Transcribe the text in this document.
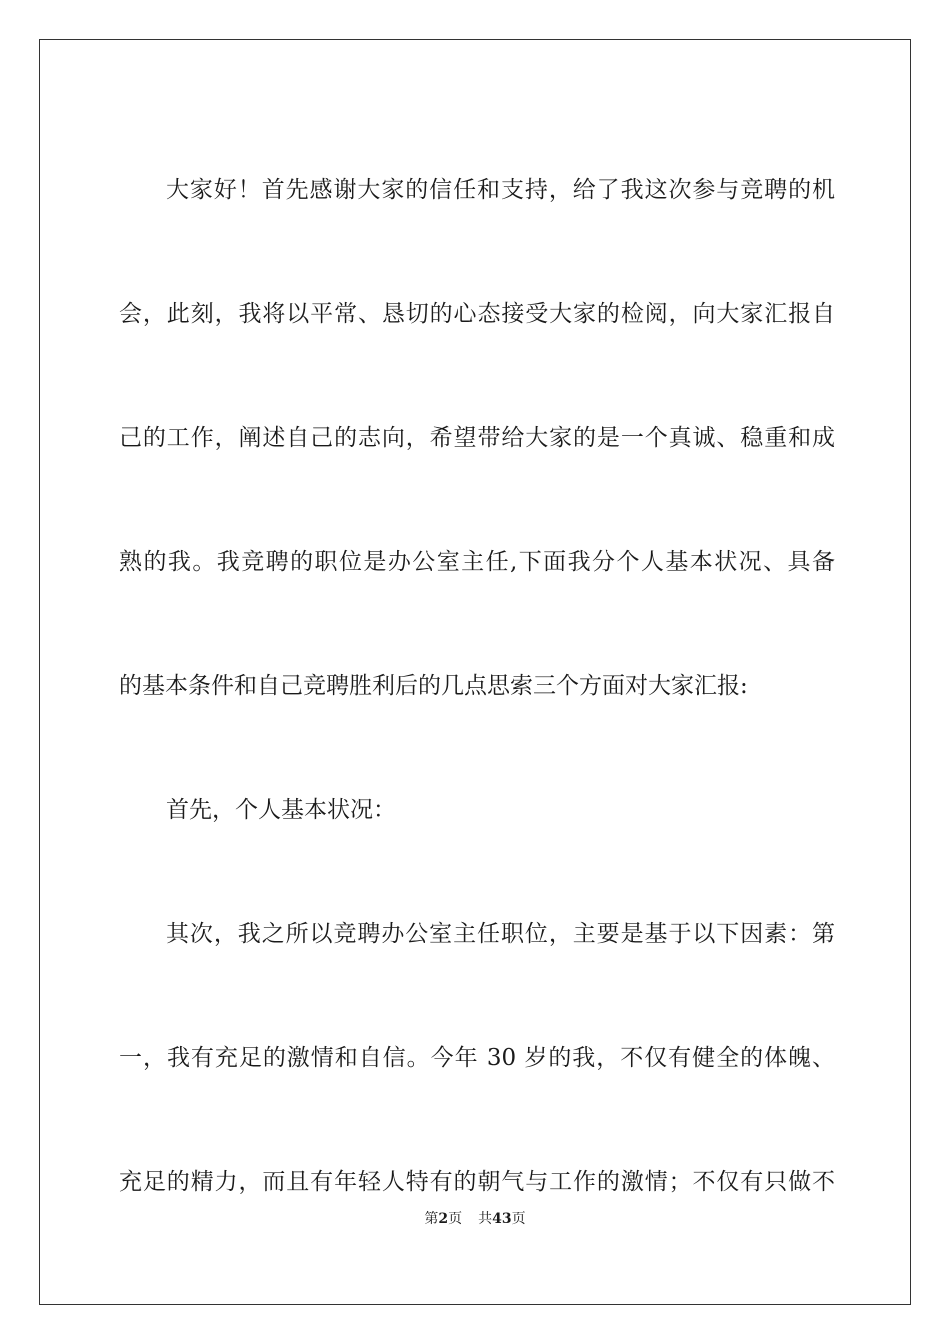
大家好！首先感谢大家的信任和支持，给了我这次参与竞聘的机
会，此刻，我将以平常、恳切的心态接受大家的检阅，向大家汇报自
己的工作，阐述自己的志向，希望带给大家的是一个真诚、稳重和成
熟的我。我竞聘的职位是办公室主任,下面我分个人基本状况、具备
的基本条件和自己竞聘胜利后的几点思索三个方面对大家汇报:
首先，个人基本状况：
其次，我之所以竞聘办公室主任职位，主要是基于以下因素：第
一，我有充足的激情和自信。今年 30 岁的我，不仅有健全的体魄、
充足的精力，而且有年轻人特有的朝气与工作的激情；不仅有只做不
第2页 共43页
